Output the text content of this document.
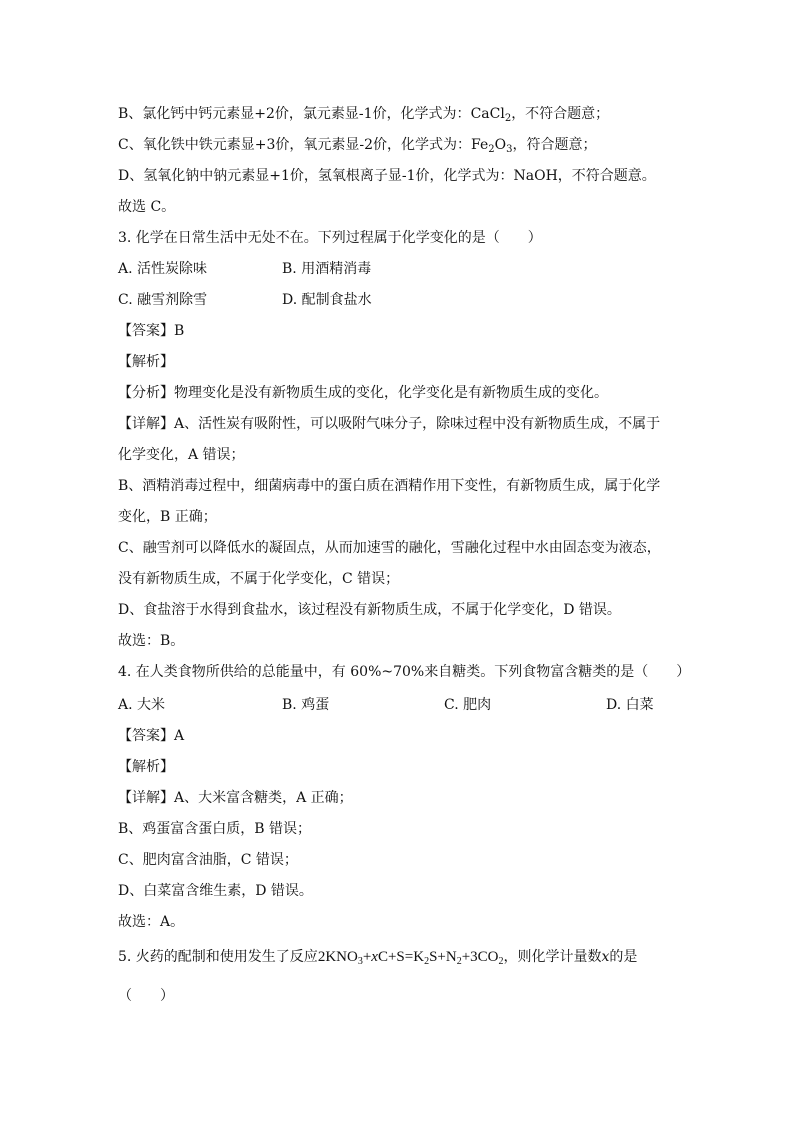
B、氯化钙中钙元素显+2价，氯元素显-1价，化学式为：CaCl$_2$，不符合题意；
C、氧化铁中铁元素显+3价，氧元素显-2价，化学式为：$Fe_2O_3$，符合题意；
D、氢氧化钠中钠元素显+1价，氢氧根离子显-1价，化学式为：NaOH，不符合题意。
故选 C。
3. 化学在日常生活中无处不在。下列过程属于化学变化的是（　　）
A. 活性炭除味	B. 用酒精消毒
C. 融雪剂除雪	D. 配制食盐水
【答案】B
【解析】
【分析】物理变化是没有新物质生成的变化，化学变化是有新物质生成的变化。
【详解】A、活性炭有吸附性，可以吸附气味分子，除味过程中没有新物质生成，不属于
化学变化，A 错误；
B、酒精消毒过程中，细菌病毒中的蛋白质在酒精作用下变性，有新物质生成，属于化学
变化，B 正确；
C、融雪剂可以降低水的凝固点，从而加速雪的融化，雪融化过程中水由固态变为液态，
没有新物质生成，不属于化学变化，C 错误；
D、食盐溶于水得到食盐水，该过程没有新物质生成，不属于化学变化，D 错误。
故选：B。
4. 在人类食物所供给的总能量中，有 60%~70%来自糖类。下列食物富含糖类的是（　　）
A. 大米	B. 鸡蛋	C. 肥肉	D. 白菜
【答案】A
【解析】
【详解】A、大米富含糖类，A 正确；
B、鸡蛋富含蛋白质，B 错误；
C、肥肉富含油脂，C 错误；
D、白菜富含维生素，D 错误。
故选：A。
5. 火药的配制和使用发生了反应$2KNO_3+xC+S=K_2S+N_2+3CO_2$，则化学计量数x的是
（　　）
